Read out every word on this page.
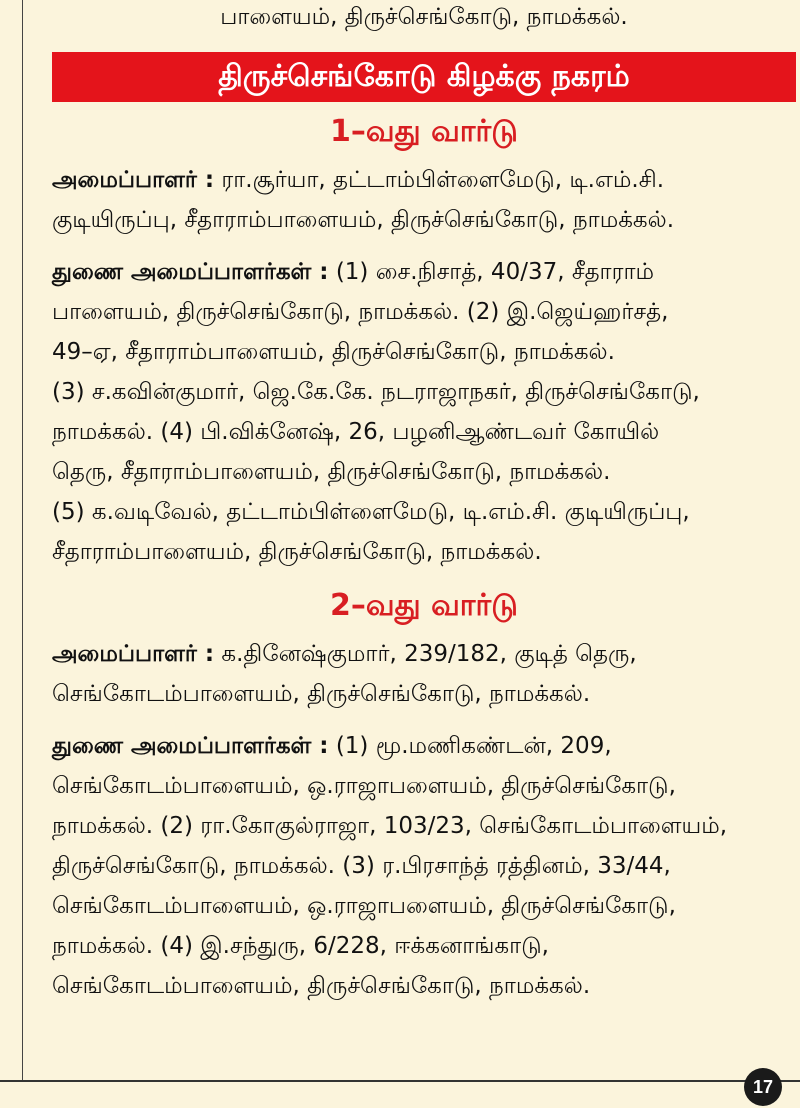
பாளையம், திருச்செங்கோடு, நாமக்கல்.

திருச்செங்கோடு கிழக்கு நகரம்
1–வது வார்டு

அமைப்பாளர் : ரா.சூர்யா, தட்டாம்பிள்ளைமேடு, டி.எம்.சி.

குடியிருப்பு, சீதாராம்பாளையம், திருச்செங்கோடு, நாமக்கல்.

துணை அமைப்பாளர்கள் : (1) சை.நிசாத், 40/37, சீதாராம்

பாளையம், திருச்செங்கோடு, நாமக்கல். (2) இ.ஜெய்ஹர்சத்,

49–ஏ, சீதாராம்பாளையம், திருச்செங்கோடு, நாமக்கல்.

(3) ச.கவின்குமார், ஜெ.கே.கே. நடராஜாநகர், திருச்செங்கோடு,

நாமக்கல். (4) பி.விக்னேஷ், 26, பழனிஆண்டவர் கோயில்

தெரு, சீதாராம்பாளையம், திருச்செங்கோடு, நாமக்கல்.

(5) க.வடிவேல், தட்டாம்பிள்ளைமேடு, டி.எம்.சி. குடியிருப்பு,

சீதாராம்பாளையம், திருச்செங்கோடு, நாமக்கல்.

2–வது வார்டு

அமைப்பாளர் : க.தினேஷ்குமார், 239/182, குடித் தெரு,

செங்கோடம்பாளையம், திருச்செங்கோடு, நாமக்கல்.

துணை அமைப்பாளர்கள் : (1) மூ.மணிகண்டன், 209,

செங்கோடம்பாளையம், ஒ.ராஜாபளையம், திருச்செங்கோடு,

நாமக்கல். (2) ரா.கோகுல்ராஜா, 103/23, செங்கோடம்பாளையம்,

திருச்செங்கோடு, நாமக்கல். (3) ர.பிரசாந்த் ரத்தினம், 33/44,

செங்கோடம்பாளையம், ஒ.ராஜாபளையம், திருச்செங்கோடு,

நாமக்கல். (4) இ.சந்துரு, 6/228, ஈக்கனாங்காடு,

செங்கோடம்பாளையம், திருச்செங்கோடு, நாமக்கல்.

17
